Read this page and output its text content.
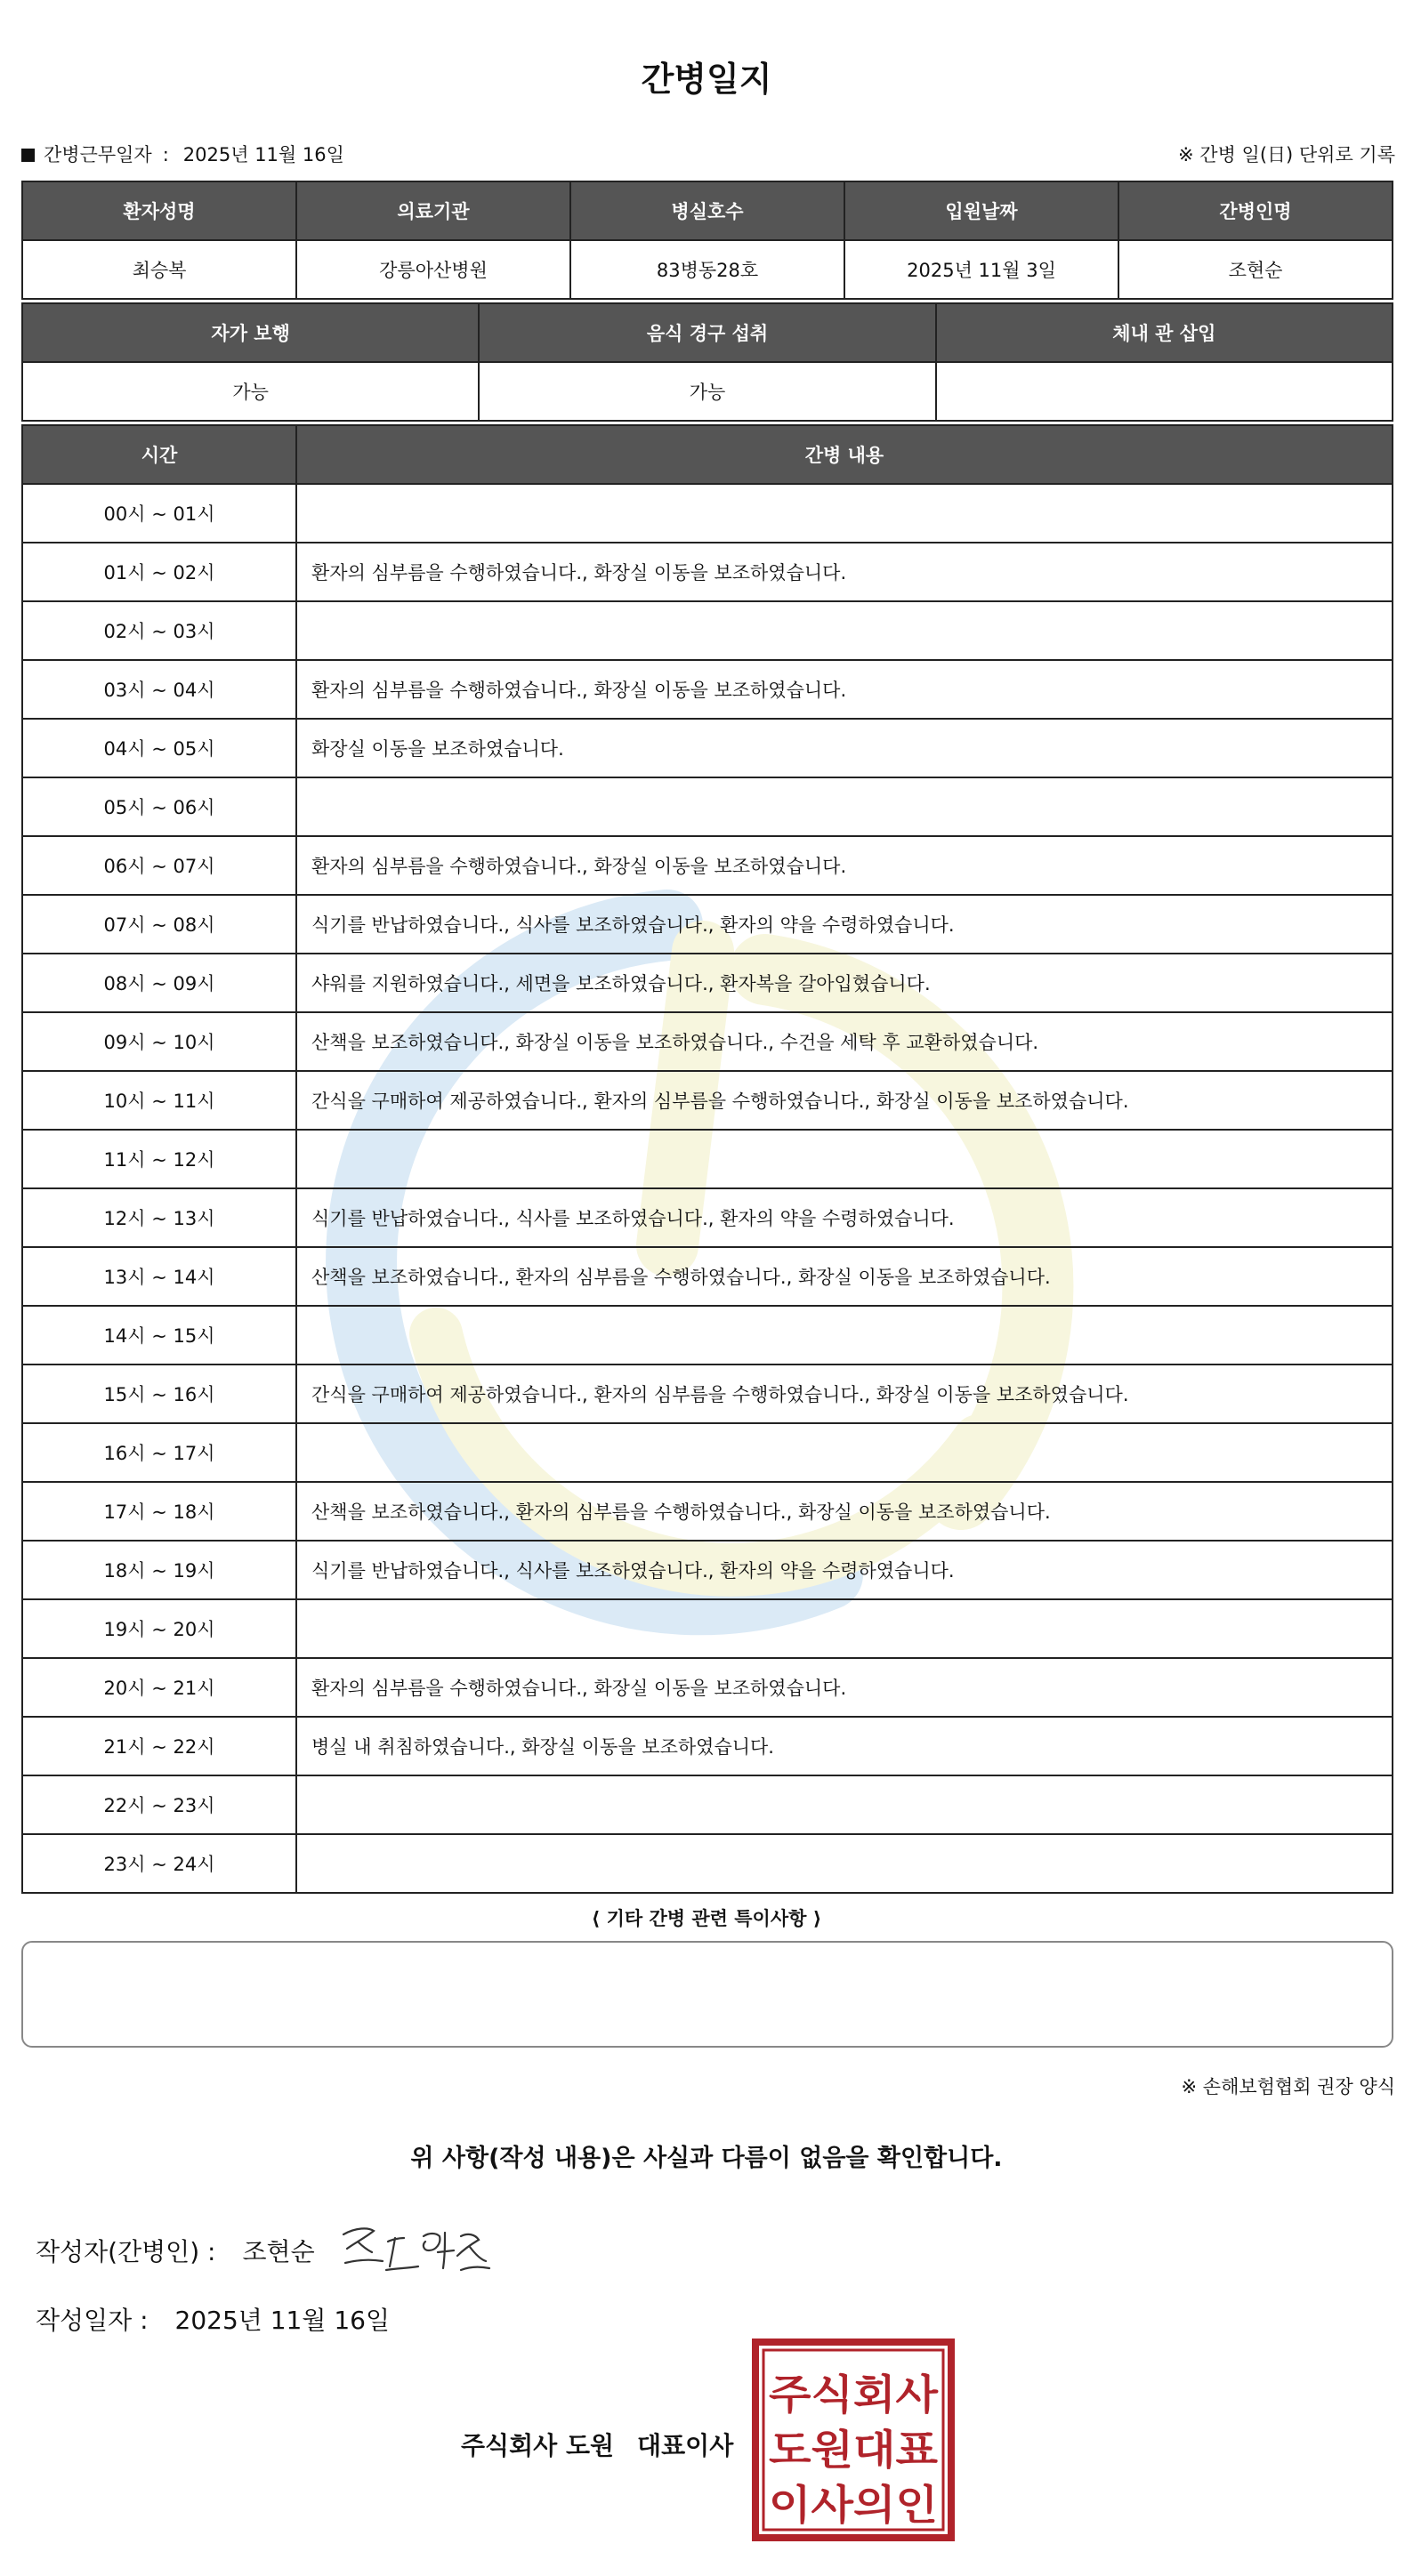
간병일지
간병근무일자 : 2025년 11월 16일	※ 간병 일(日) 단위로 기록
환자성명	의료기관	병실호수	입원날짜	간병인명
최승복	강릉아산병원	83병동28호	2025년 11월 3일	조현순
자가 보행	음식 경구 섭취	체내 관 삽입
가능	가능	
시간	간병 내용
00시 ~ 01시	
01시 ~ 02시	환자의 심부름을 수행하였습니다., 화장실 이동을 보조하였습니다.
02시 ~ 03시	
03시 ~ 04시	환자의 심부름을 수행하였습니다., 화장실 이동을 보조하였습니다.
04시 ~ 05시	화장실 이동을 보조하였습니다.
05시 ~ 06시	
06시 ~ 07시	환자의 심부름을 수행하였습니다., 화장실 이동을 보조하였습니다.
07시 ~ 08시	식기를 반납하였습니다., 식사를 보조하였습니다., 환자의 약을 수령하였습니다.
08시 ~ 09시	샤워를 지원하였습니다., 세면을 보조하였습니다., 환자복을 갈아입혔습니다.
09시 ~ 10시	산책을 보조하였습니다., 화장실 이동을 보조하였습니다., 수건을 세탁 후 교환하였습니다.
10시 ~ 11시	간식을 구매하여 제공하였습니다., 환자의 심부름을 수행하였습니다., 화장실 이동을 보조하였습니다.
11시 ~ 12시	
12시 ~ 13시	식기를 반납하였습니다., 식사를 보조하였습니다., 환자의 약을 수령하였습니다.
13시 ~ 14시	산책을 보조하였습니다., 환자의 심부름을 수행하였습니다., 화장실 이동을 보조하였습니다.
14시 ~ 15시	
15시 ~ 16시	간식을 구매하여 제공하였습니다., 환자의 심부름을 수행하였습니다., 화장실 이동을 보조하였습니다.
16시 ~ 17시	
17시 ~ 18시	산책을 보조하였습니다., 환자의 심부름을 수행하였습니다., 화장실 이동을 보조하였습니다.
18시 ~ 19시	식기를 반납하였습니다., 식사를 보조하였습니다., 환자의 약을 수령하였습니다.
19시 ~ 20시	
20시 ~ 21시	환자의 심부름을 수행하였습니다., 화장실 이동을 보조하였습니다.
21시 ~ 22시	병실 내 취침하였습니다., 화장실 이동을 보조하였습니다.
22시 ~ 23시	
23시 ~ 24시	
⟨ 기타 간병 관련 특이사항 ⟩
※ 손해보험협회 권장 양식
위 사항(작성 내용)은 사실과 다름이 없음을 확인합니다.
작성자(간병인) : 조현순
작성일자 : 2025년 11월 16일
주식회사 도원 대표이사
주식회사
도원대표
이사의인
